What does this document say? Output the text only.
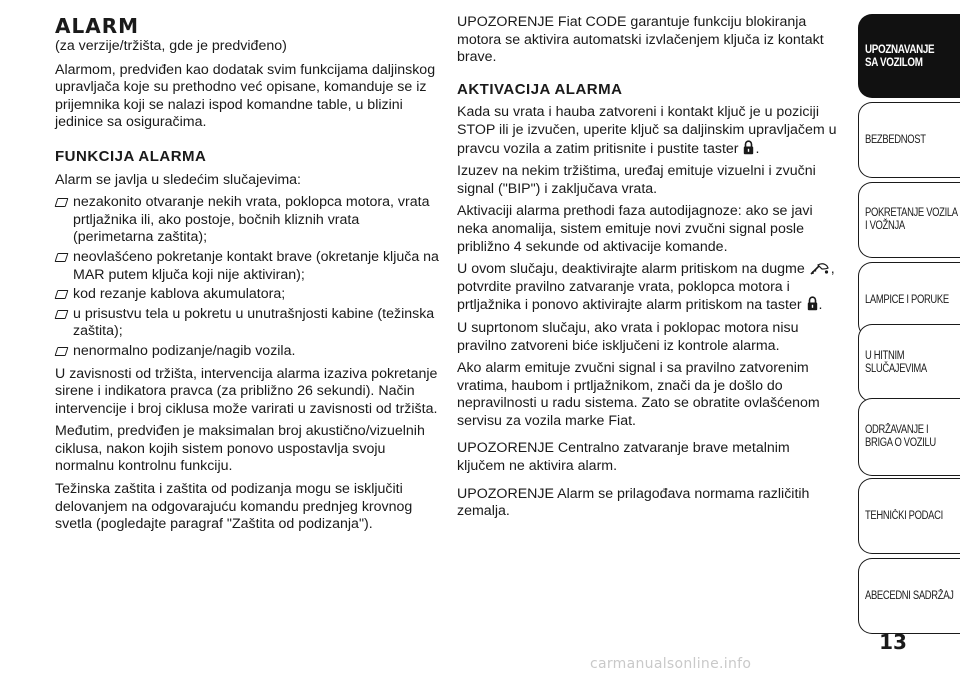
ALARM

(za verzije/tržišta, gde je predviđeno)

Alarmom, predviđen kao dodatak svim funkcijama daljinskog upravljača koje su prethodno već opisane, komanduje se iz prijemnika koji se nalazi ispod komandne table, u blizini jedinice sa osiguračima.

FUNKCIJA ALARMA

Alarm se javlja u sledećim slučajevima:

nezakonito otvaranje nekih vrata, poklopca motora, vrata prtljažnika ili, ako postoje, bočnih kliznih vrata (perimetarna zaštita);
neovlašćeno pokretanje kontakt brave (okretanje ključa na MAR putem ključa koji nije aktiviran);
kod rezanje kablova akumulatora;
u prisustvu tela u pokretu u unutrašnjosti kabine (težinska zaštita);
nenormalno podizanje/nagib vozila.

U zavisnosti od tržišta, intervencija alarma izaziva pokretanje sirene i indikatora pravca (za približno 26 sekundi). Način intervencije i broj ciklusa može varirati u zavisnosti od tržišta.

Međutim, predviđen je maksimalan broj akustično/vizuelnih ciklusa, nakon kojih sistem ponovo uspostavlja svoju normalnu kontrolnu funkciju.

Težinska zaštita i zaštita od podizanja mogu se isključiti delovanjem na odgovarajuću komandu prednjeg krovnog svetla (pogledajte paragraf "Zaštita od podizanja").

UPOZORENJE Fiat CODE garantuje funkciju blokiranja motora se aktivira automatski izvlačenjem ključa iz kontakt brave.

AKTIVACIJA ALARMA

Kada su vrata i hauba zatvoreni i kontakt ključ je u poziciji STOP ili je izvučen, uperite ključ sa daljinskim upravljačem u pravcu vozila a zatim pritisnite i pustite taster .

Izuzev na nekim tržištima, uređaj emituje vizuelni i zvučni signal ("BIP") i zaključava vrata.

Aktivaciji alarma prethodi faza autodijagnoze: ako se javi neka anomalija, sistem emituje novi zvučni signal posle približno 4 sekunde od aktivacije komande.

U ovom slučaju, deaktivirajte alarm pritiskom na dugme , potvrdite pravilno zatvaranje vrata, poklopca motora i prtljažnika i ponovo aktivirajte alarm pritiskom na taster .

U suprtonom slučaju, ako vrata i poklopac motora nisu pravilno zatvoreni biće isključeni iz kontrole alarma.

Ako alarm emituje zvučni signal i sa pravilno zatvorenim vratima, haubom i prtljažnikom, znači da je došlo do nepravilnosti u radu sistema. Zato se obratite ovlašćenom servisu za vozila marke Fiat.

UPOZORENJE Centralno zatvaranje brave metalnim ključem ne aktivira alarm.

UPOZORENJE Alarm se prilagođava normama različitih zemalja.

UPOZNAVANJE
SA VOZILOM
BEZBEDNOST
POKRETANJE VOZILA
I VOŽNJA
LAMPICE I PORUKE
U HITNIM
SLUČAJEVIMA
ODRŽAVANJE I
BRIGA O VOZILU
TEHNIČKI PODACI
ABECEDNI SADRŽAJ
13
carmanualsonline.info
